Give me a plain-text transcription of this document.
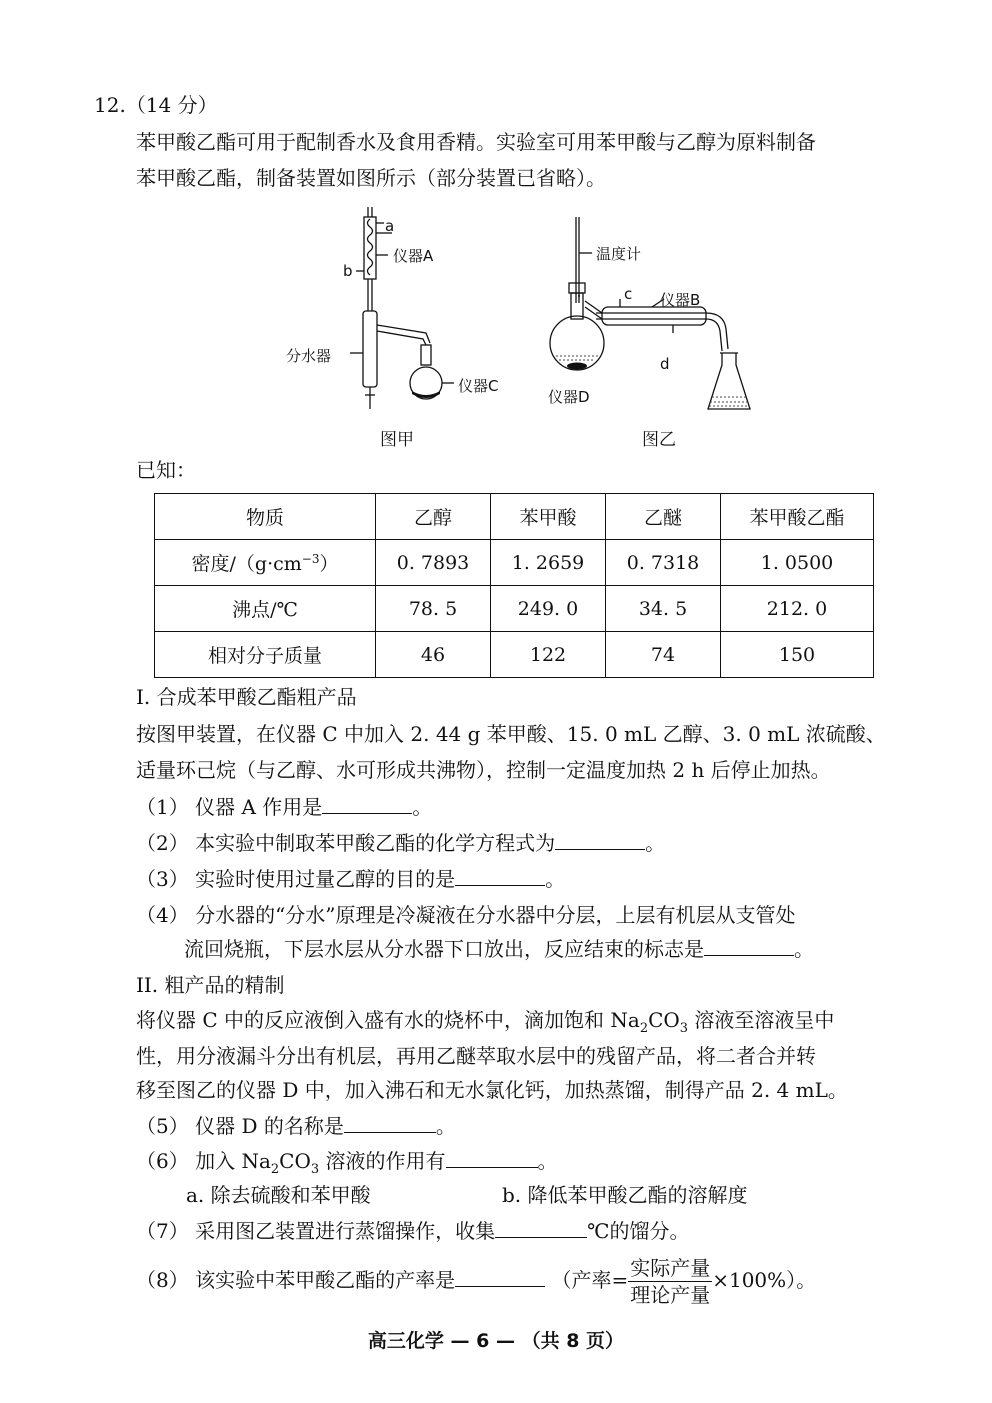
12.（14 分）
苯甲酸乙酯可用于配制香水及食用香精。实验室可用苯甲酸与乙醇为原料制备
苯甲酸乙酯，制备装置如图所示（部分装置已省略）。
a
仪器A
b
分水器
仪器C
图甲
温度计
c 仪器B
d
仪器D
图乙
已知：
物质	乙醇	苯甲酸	乙醚	苯甲酸乙酯
密度$/(g\cdot cm^{-3})$	0. 7893	1. 2659	0. 7318	1. 0500
沸点/℃	78. 5	249. 0	34. 5	212. 0
相对分子质量	46	122	74	150
I. 合成苯甲酸乙酯粗产品
按图甲装置，在仪器 C 中加入 2. 44 g 苯甲酸、15. 0 mL 乙醇、3. 0 mL 浓硫酸、
适量环己烷（与乙醇、水可形成共沸物），控制一定温度加热 2 h 后停止加热。
（1） 仪器 A 作用是	。
（2） 本实验中制取苯甲酸乙酯的化学方程式为	。
（3） 实验时使用过量乙醇的目的是	。
（4） 分水器的“分水”原理是冷凝液在分水器中分层，上层有机层从支管处
流回烧瓶，下层水层从分水器下口放出，反应结束的标志是	。
II. 粗产品的精制
将仪器 C 中的反应液倒入盛有水的烧杯中，滴加饱和 $Na_2CO_3$ 溶液至溶液呈中
性，用分液漏斗分出有机层，再用乙醚萃取水层中的残留产品，将二者合并转
移至图乙的仪器 D 中，加入沸石和无水氯化钙，加热蒸馏，制得产品 2. 4 mL。
（5） 仪器 D 的名称是	。
（6） 加入 $Na_2CO_3$ 溶液的作用有	。
a. 除去硫酸和苯甲酸	b. 降低苯甲酸乙酯的溶解度
（7） 采用图乙装置进行蒸馏操作，收集	℃的馏分。
（8） 该实验中苯甲酸乙酯的产率是	（产率= $\frac{\text{实际产量}}{\text{理论产量}} \times 100\%$）。
高三化学 — 6 — （共 8 页）
